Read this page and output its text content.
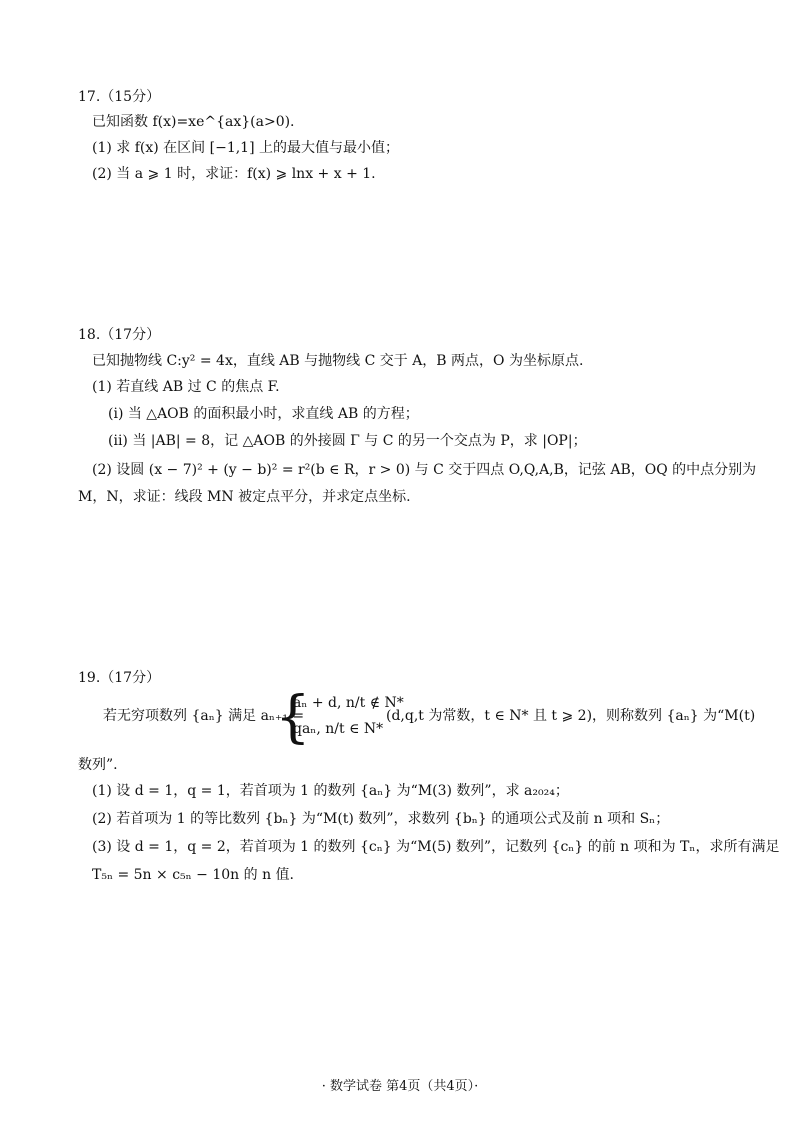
17.（15分）
已知函数 f(x)=xe^{ax}(a>0).
(1) 求 f(x) 在区间 [−1,1] 上的最大值与最小值；
(2) 当 a ⩾ 1 时，求证：f(x) ⩾ lnx + x + 1.
18.（17分）
已知抛物线 C:y² = 4x，直线 AB 与抛物线 C 交于 A，B 两点，O 为坐标原点.
(1) 若直线 AB 过 C 的焦点 F.
(i) 当 △AOB 的面积最小时，求直线 AB 的方程；
(ii) 当 |AB| = 8，记 △AOB 的外接圆 Γ 与 C 的另一个交点为 P，求 |OP|；
(2) 设圆 (x − 7)² + (y − b)² = r²(b ∈ R，r > 0) 与 C 交于四点 O,Q,A,B，记弦 AB，OQ 的中点分别为
M，N，求证：线段 MN 被定点平分，并求定点坐标.
19.（17分）
若无穷项数列 {aₙ} 满足 aₙ₊₁ =
{
aₙ + d, n/t ∉ N*
qaₙ, n/t ∈ N*
(d,q,t 为常数，t ∈ N* 且 t ⩾ 2)，则称数列 {aₙ} 为“M(t)
数列”.
(1) 设 d = 1，q = 1，若首项为 1 的数列 {aₙ} 为“M(3) 数列”，求 a₂₀₂₄；
(2) 若首项为 1 的等比数列 {bₙ} 为“M(t) 数列”，求数列 {bₙ} 的通项公式及前 n 项和 Sₙ；
(3) 设 d = 1，q = 2，若首项为 1 的数列 {cₙ} 为“M(5) 数列”，记数列 {cₙ} 的前 n 项和为 Tₙ，求所有满足
T₅ₙ = 5n × c₅ₙ − 10n 的 n 值.
· 数学试卷 第4页（共4页）·
